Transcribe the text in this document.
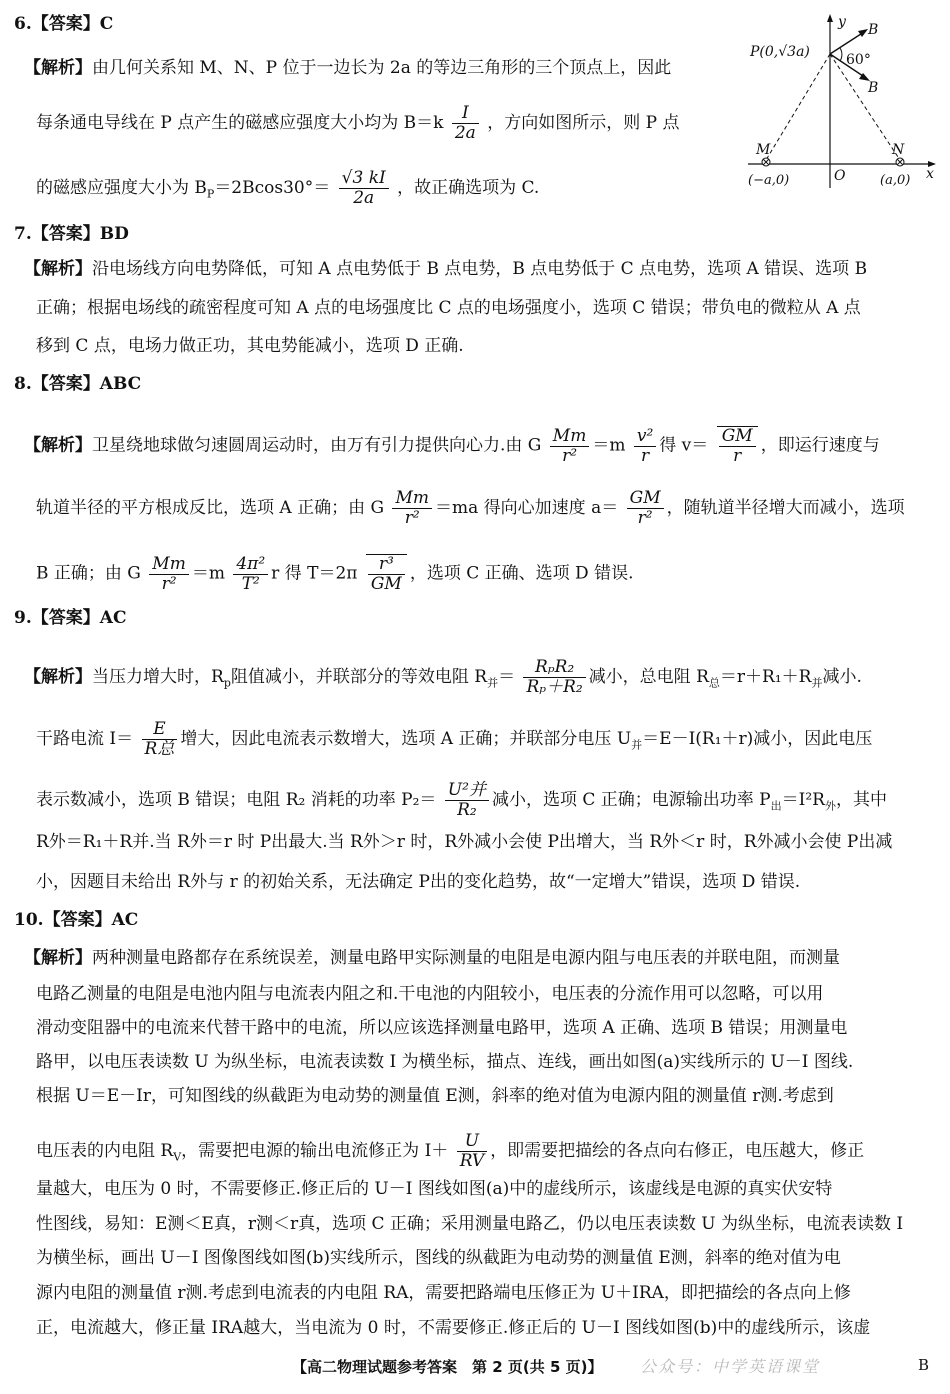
6.【答案】C
【解析】由几何关系知 M、N、P 位于一边长为 2a 的等边三角形的三个顶点上，因此
每条通电导线在 P 点产生的磁感应强度大小均为 $B=k \frac{I}{2a}$ ，方向如图所示，则 P 点
的磁感应强度大小为 $B_P=2Bcos30^\circ= \frac{√3 kI}{2a}$ ，故正确选项为 C.
P(0,√3a)
y B
B
60°
M	N
O	x
(−a,0)	(a,0)
7.【答案】BD
【解析】沿电场线方向电势降低，可知 A 点电势低于 B 点电势，B 点电势低于 C 点电势，选项 A 错误、选项 B
正确；根据电场线的疏密程度可知 A 点的电场强度比 C 点的电场强度小，选项 C 错误；带负电的微粒从 A 点
移到 C 点，电场力做正功，其电势能减小，选项 D 正确.
8.【答案】ABC
【解析】卫星绕地球做匀速圆周运动时，由万有引力提供向心力.由 G $\frac{Mm}{\text{r²}} =m \frac{\text{v²}}{r}$ 得 $v= \frac{GM}{r}$ ，即运行速度与
轨道半径的平方根成反比，选项 A 正确；由 G $\frac{Mm}{\text{r²}} =ma$ 得向心加速度 $a= \frac{GM}{\text{r²}}$ ，随轨道半径增大而减小，选项
B 正确；由 G $\frac{Mm}{\text{r²}} =m \frac{\text{4π²}}{\text{T²}}$ r 得 $T=2\pi \frac{\text{r³}}{GM}$ ，选项 C 正确、选项 D 错误.
9.【答案】AC
【解析】当压力增大时，$R_p$阻值减小，并联部分的等效电阻 $R_并= \frac{\text{RₚR₂}}{\text{Rₚ＋R₂}}$ 减小，总电阻 $R_总=r+R_1+R_并$减小.
干路电流 $I= \frac{E}{\text{R总}}$ 增大，因此电流表示数增大，选项 A 正确；并联部分电压 $U_并=E-I(R_1+r)$减小，因此电压
表示数减小，选项 B 错误；电阻 R₂ 消耗的功率 $P_2= \frac{\text{U²并}}{\text{R₂}}$ 减小，选项 C 正确；电源输出功率 $P_出=I^2R_外$，其中
R外＝R₁＋R并.当 R外＝r 时 P出最大.当 R外＞r 时，R外减小会使 P出增大，当 R外＜r 时，R外减小会使 P出减
小，因题目未给出 R外与 r 的初始关系，无法确定 P出的变化趋势，故“一定增大”错误，选项 D 错误.
10.【答案】AC
【解析】两种测量电路都存在系统误差，测量电路甲实际测量的电阻是电源内阻与电压表的并联电阻，而测量
电路乙测量的电阻是电池内阻与电流表内阻之和.干电池的内阻较小，电压表的分流作用可以忽略，可以用
滑动变阻器中的电流来代替干路中的电流，所以应该选择测量电路甲，选项 A 正确、选项 B 错误；用测量电
路甲，以电压表读数 U 为纵坐标，电流表读数 I 为横坐标，描点、连线，画出如图(a)实线所示的 U－I 图线.
根据 U＝E－Ir，可知图线的纵截距为电动势的测量值 E测，斜率的绝对值为电源内阻的测量值 r测.考虑到
电压表的内电阻 $R_V$，需要把电源的输出电流修正为 $I+ \frac{U}{RV}$ ，即需要把描绘的各点向右修正，电压越大，修正
量越大，电压为 0 时，不需要修正.修正后的 U－I 图线如图(a)中的虚线所示，该虚线是电源的真实伏安特
性图线，易知：E测＜E真，r测＜r真，选项 C 正确；采用测量电路乙，仍以电压表读数 U 为纵坐标，电流表读数 I
为横坐标，画出 U－I 图像图线如图(b)实线所示，图线的纵截距为电动势的测量值 E测，斜率的绝对值为电
源内电阻的测量值 r测.考虑到电流表的内电阻 RA，需要把路端电压修正为 U＋IRA，即把描绘的各点向上修
正，电流越大，修正量 IRA越大，当电流为 0 时，不需要修正.修正后的 U－I 图线如图(b)中的虚线所示，该虚
【高二物理试题参考答案　第 2 页(共 5 页)】 公众号：中学英语课堂	B
